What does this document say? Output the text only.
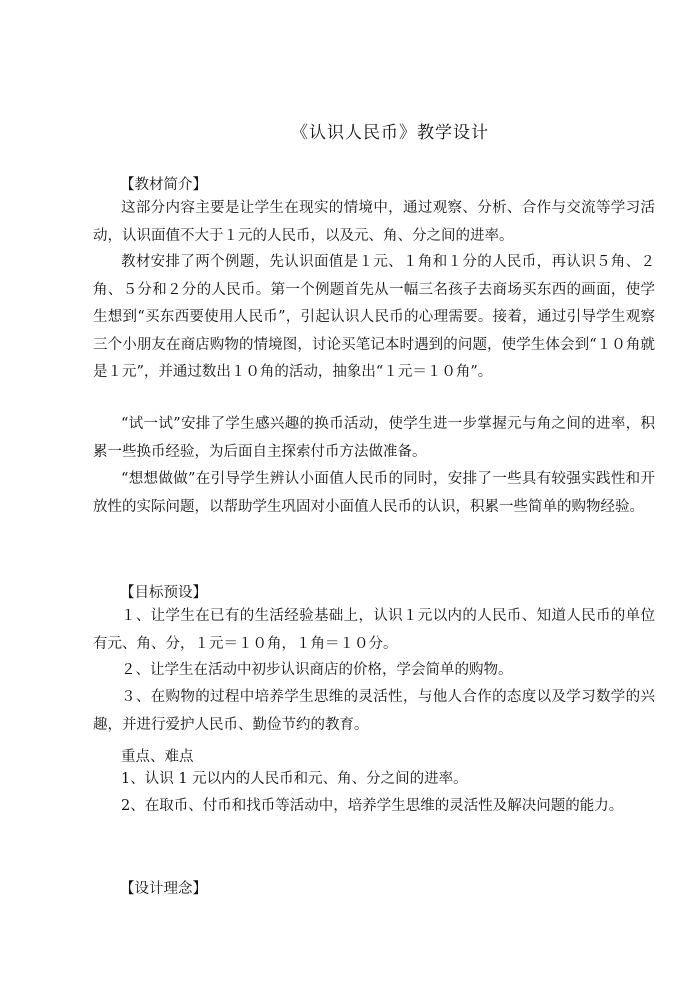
《认识人民币》教学设计
【教材简介】
这部分内容主要是让学生在现实的情境中，通过观察、分析、合作与交流等学习活动，认识面值不大于１元的人民币，以及元、角、分之间的进率。
教材安排了两个例题，先认识面值是１元、１角和１分的人民币，再认识５角、２角、５分和２分的人民币。第一个例题首先从一幅三名孩子去商场买东西的画面，使学生想到“买东西要使用人民币”，引起认识人民币的心理需要。接着，通过引导学生观察三个小朋友在商店购物的情境图，讨论买笔记本时遇到的问题，使学生体会到“１０角就是１元”，并通过数出１０角的活动，抽象出“１元＝１０角”。
“试一试”安排了学生感兴趣的换币活动，使学生进一步掌握元与角之间的进率，积累一些换币经验，为后面自主探索付币方法做准备。
“想想做做”在引导学生辨认小面值人民币的同时，安排了一些具有较强实践性和开放性的实际问题，以帮助学生巩固对小面值人民币的认识，积累一些简单的购物经验。
【目标预设】
１、让学生在已有的生活经验基础上，认识１元以内的人民币、知道人民币的单位有元、角、分，１元＝１０角，１角＝１０分。
２、让学生在活动中初步认识商店的价格，学会简单的购物。
３、在购物的过程中培养学生思维的灵活性，与他人合作的态度以及学习数学的兴趣，并进行爱护人民币、勤俭节约的教育。
重点、难点
1、认识 1 元以内的人民币和元、角、分之间的进率。
2、在取币、付币和找币等活动中，培养学生思维的灵活性及解决问题的能力。
【设计理念】
